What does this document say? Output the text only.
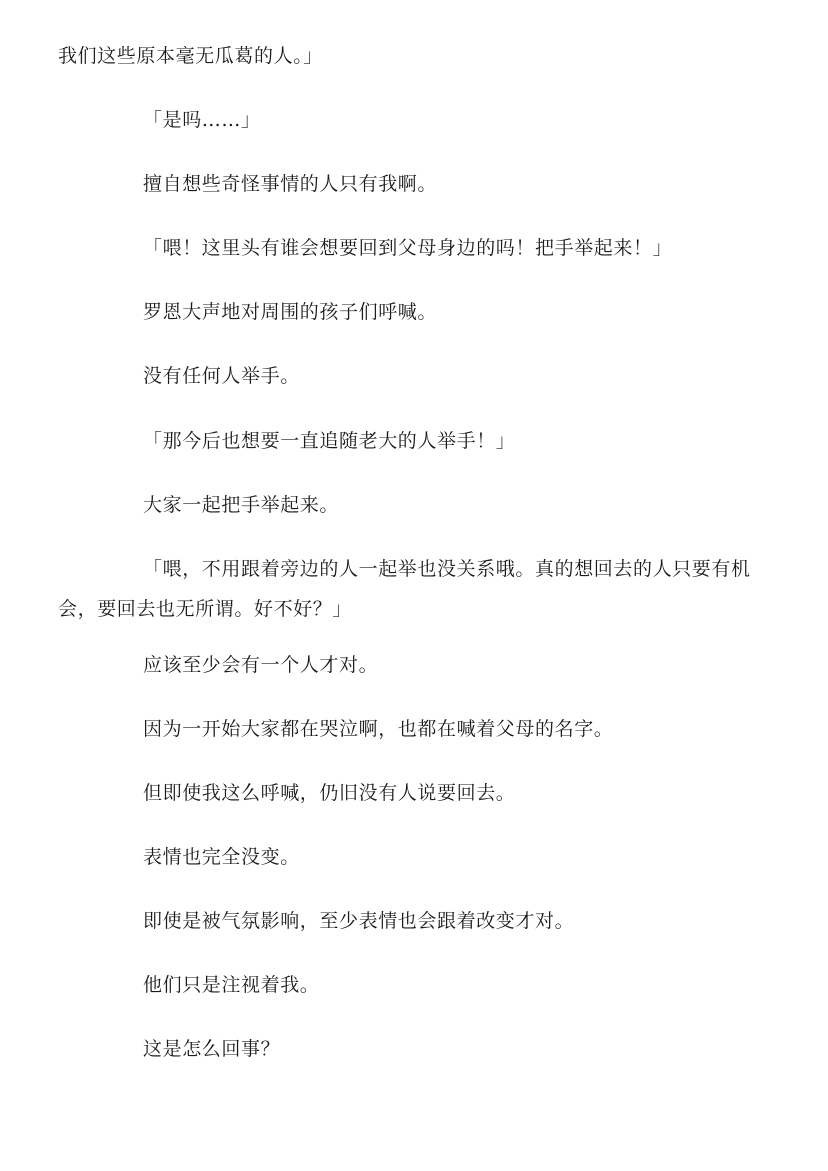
我们这些原本毫无瓜葛的人。」

「是吗……」

擅自想些奇怪事情的人只有我啊。

「喂！这里头有谁会想要回到父母身边的吗！把手举起来！」

罗恩大声地对周围的孩子们呼喊。

没有任何人举手。

「那今后也想要一直追随老大的人举手！」

大家一起把手举起来。

「喂，不用跟着旁边的人一起举也没关系哦。真的想回去的人只要有机会，要回去也无所谓。好不好？」

应该至少会有一个人才对。

因为一开始大家都在哭泣啊，也都在喊着父母的名字。

但即使我这么呼喊，仍旧没有人说要回去。

表情也完全没变。

即使是被气氛影响，至少表情也会跟着改变才对。

他们只是注视着我。

这是怎么回事？
